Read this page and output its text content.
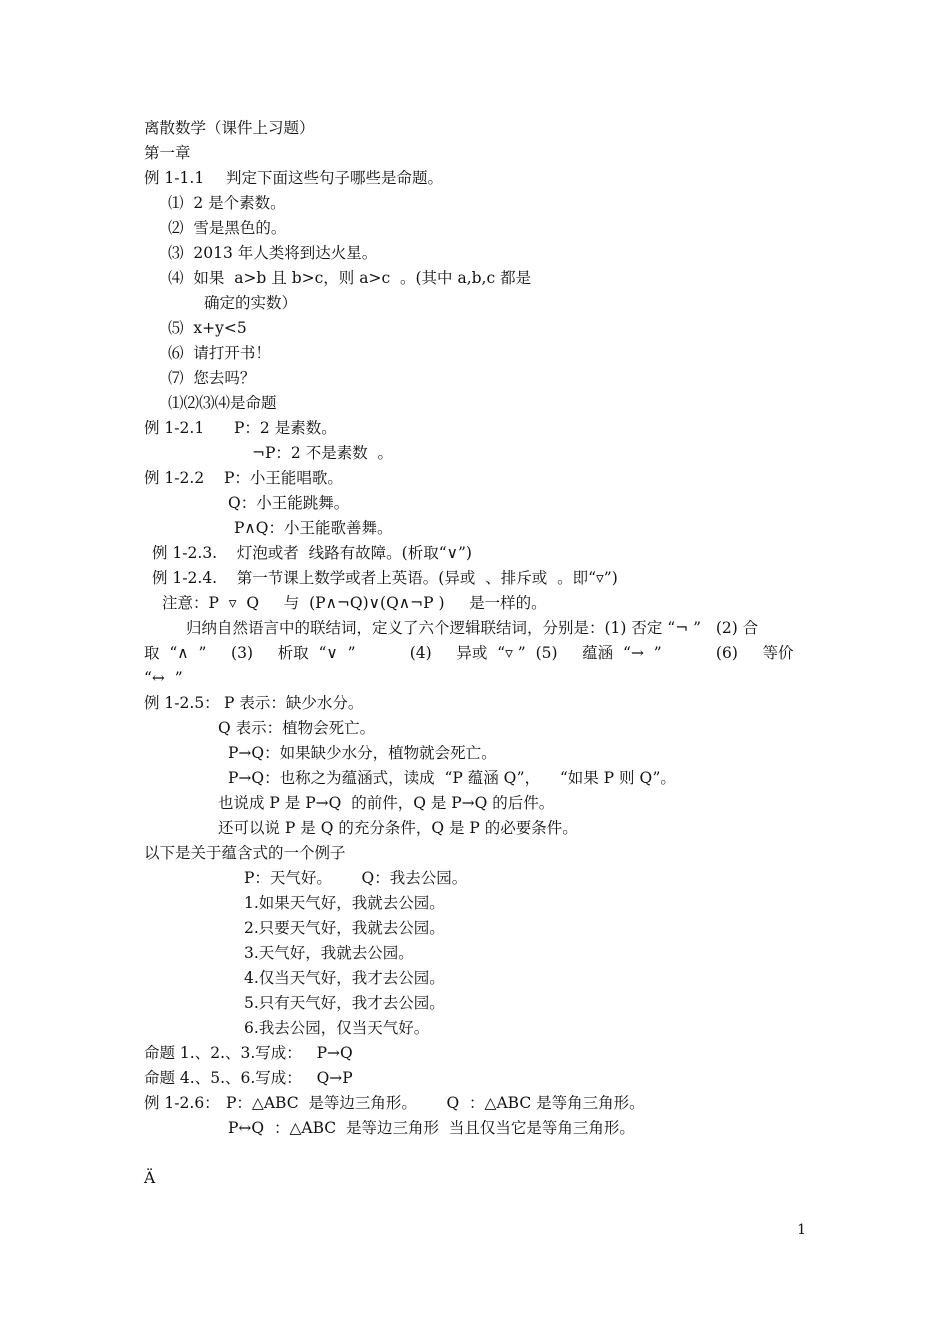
离散数学（课件上习题）
第一章
例 1-1.1 判定下面这些句子哪些是命题。
⑴  2 是个素数。
⑵  雪是黑色的。
⑶  2013 年人类将到达火星。
⑷  如果  a>b 且 b>c，则 a>c  。(其中 a,b,c 都是
确定的实数）
⑸  x+y<5
⑹  请打开书！
⑺  您去吗？
⑴⑵⑶⑷是命题
例 1-2.1 P：2 是素数。
¬P：2 不是素数  。
例 1-2.2 P：小王能唱歌。
Q：小王能跳舞。
P∧Q：小王能歌善舞。
例 1-2.3.    灯泡或者  线路有故障。(析取“∨”)
例 1-2.4.    第一节课上数学或者上英语。(异或  、排斥或  。即“▿”)
注意：P  ▿  Q     与  (P∧¬Q)∨(Q∧¬P )     是一样的。
归纳自然语言中的联结词，定义了六个逻辑联结词，分别是：(1) 否定 “¬ ”   (2) 合
取  “∧  ”     (3)     析取  “∨  ”           (4)     异或  “▿ ”  (5)     蕴涵  “→  ”           (6)     等价
“↔  ”
例 1-2.5： P 表示：缺少水分。
Q 表示：植物会死亡。
P→Q：如果缺少水分，植物就会死亡。
P→Q：也称之为蕴涵式，读成  “P 蕴涵 Q”，    “如果 P 则 Q”。
也说成 P 是 P→Q  的前件，Q 是 P→Q 的后件。
还可以说 P 是 Q 的充分条件，Q 是 P 的必要条件。
以下是关于蕴含式的一个例子
P：天气好。      Q：我去公园。
1.如果天气好，我就去公园。
2.只要天气好，我就去公园。
3.天气好，我就去公园。
4.仅当天气好，我才去公园。
5.只有天气好，我才去公园。
6.我去公园，仅当天气好。
命题 1.、2.、3.写成：   P→Q
命题 4.、5.、6.写成：   Q→P
例 1-2.6： P：△ABC  是等边三角形。      Q  ：△ABC 是等角三角形。
P↔Q  ：△ABC  是等边三角形  当且仅当它是等角三角形。
Ä
1
